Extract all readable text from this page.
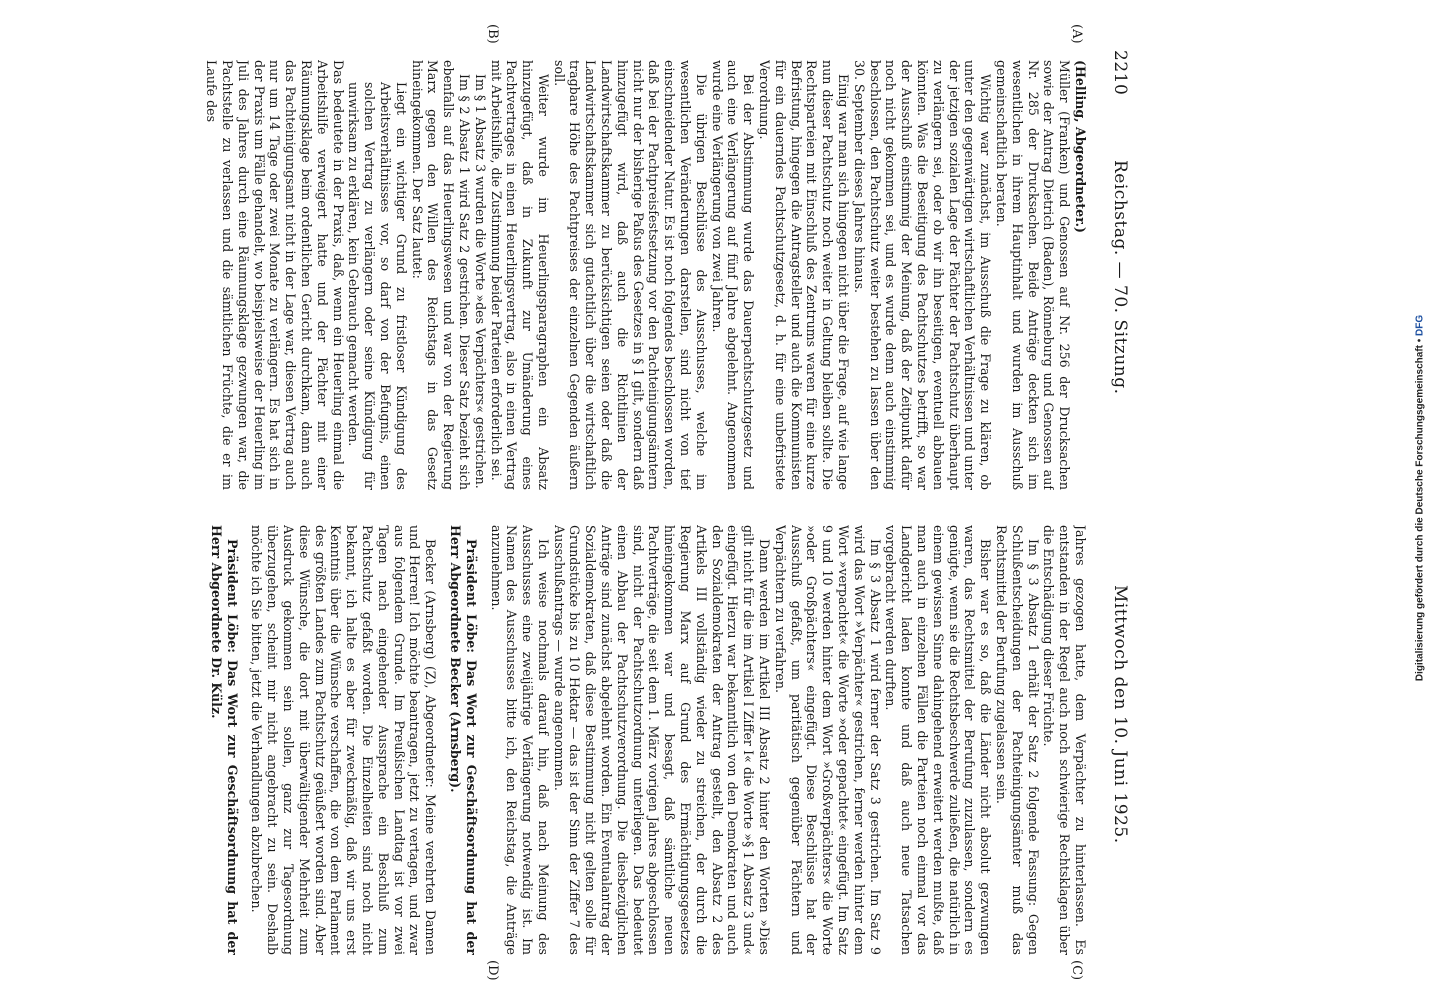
2210
Reichstag. — 70. Sitzung.
Mittwoch den 10. Juni 1925.
(A)
(B)
(C)
(D)

(Helling, Abgeordneter.)

Müller (Franken) und Genossen auf Nr. 256 der Drucksachen sowie der Antrag Dietrich (Baden), Rönneburg und Genossen auf Nr. 285 der Drucksachen. Beide Anträge deckten sich im wesentlichen in ihrem Hauptinhalt und wurden im Ausschuß gemeinschaftlich beraten.

Wichtig war zunächst, im Ausschuß die Frage zu klären, ob unter den gegenwärtigen wirtschaftlichen Verhältnissen und unter der jetzigen sozialen Lage der Pächter der Pachtschutz überhaupt zu verlängern sei, oder ob wir ihn beseitigen, eventuell abbauen könnten. Was die Beseitigung des Pachtschutzes betrifft, so war der Ausschuß einstimmig der Meinung, daß der Zeitpunkt dafür noch nicht gekommen sei, und es wurde denn auch einstimmig beschlossen, den Pachtschutz weiter bestehen zu lassen über den 30. September dieses Jahres hinaus.

Einig war man sich hingegen nicht über die Frage, auf wie lange nun dieser Pachtschutz noch weiter in Geltung bleiben sollte. Die Rechtsparteien mit Einschluß des Zentrums waren für eine kurze Befristung, hingegen die Antragsteller und auch die Kommunisten für ein dauerndes Pachtschutzgesetz, d. h. für eine unbefristete Verordnung.

Bei der Abstimmung wurde das Dauerpachtschutzgesetz und auch eine Verlängerung auf fünf Jahre abgelehnt. Angenommen wurde eine Verlängerung von zwei Jahren.

Die übrigen Beschlüsse des Ausschusses, welche im wesentlichen Veränderungen darstellen, sind nicht von tief einschneidender Natur. Es ist noch folgendes beschlossen worden, daß bei der Pachtpreisfestsetzung vor den Pachteinigungsämtern nicht nur der bisherige Paßus des Gesetzes in § 1 gilt, sondern daß hinzugefügt wird, daß auch die Richtlinien der Landwirtschaftskammer zu berücksichtigen seien oder daß die Landwirtschaftskammer sich gutachtlich über die wirtschaftlich tragbare Höhe des Pachtpreises der einzelnen Gegenden äußern soll.

Weiter wurde im Heuerlingsparagraphen ein Absatz hinzugefügt, daß in Zukunft zur Umänderung eines Pachtvertrages in einen Heuerlingsvertrag, also in einen Vertrag mit Arbeitshilfe, die Zustimmung beider Parteien erforderlich sei.

Im § 1 Absatz 3 wurden die Worte »des Verpächters« gestrichen.

Im § 2 Absatz 1 wird Satz 2 gestrichen. Dieser Satz bezieht sich ebenfalls auf das Heuerlingswesen und war von der Regierung Marx gegen den Willen des Reichstags in das Gesetz hineingekommen. Der Satz lautet:

Liegt ein wichtiger Grund zu fristloser Kündigung des Arbeitsverhältnisses vor, so darf von der Befugnis, einen solchen Vertrag zu verlängern oder seine Kündigung für unwirksam zu erklären, kein Gebrauch gemacht werden.

Das bedeutete in der Praxis, daß, wenn ein Heuerling einmal die Arbeitshilfe verweigert hatte und der Pächter mit einer Räumungsklage beim ordentlichen Gericht durchkam, dann auch das Pachteinigungsamt nicht in der Lage war, diesen Vertrag auch nur um 14 Tage oder zwei Monate zu verlängern. Es hat sich in der Praxis um Fälle gehandelt, wo beispielsweise der Heuerling im Juli des Jahres durch eine Räumungsklage gezwungen war, die Pachtstelle zu verlassen und die sämtlichen Früchte, die er im Laufe des

Jahres gezogen hatte, dem Verpächter zu hinterlassen. Es entstanden in der Regel auch noch schwierige Rechtsklagen über die Entschädigung dieser Früchte.

Im § 3 Absatz 1 erhält der Satz 2 folgende Fassung: Gegen Schlußentscheidungen der Pachteinigungsämter muß das Rechtsmittel der Berufung zugelassen sein.

Bisher war es so, daß die Länder nicht absolut gezwungen waren, das Rechtsmittel der Berufung zuzulassen, sondern es genügte, wenn sie die Rechtsbeschwerde zuließen, die natürlich in einem gewissen Sinne dahingehend erweitert werden mußte, daß man auch in einzelnen Fällen die Parteien noch einmal vor das Landgericht laden konnte und daß auch neue Tatsachen vorgebracht werden durften.

Im § 3 Absatz 1 wird ferner der Satz 3 gestrichen. Im Satz 9 wird das Wort »Verpächter« gestrichen, ferner werden hinter dem Wort »verpachtet« die Worte »oder gepachtet« eingefügt. Im Satz 9 und 10 werden hinter dem Wort »Großverpächters« die Worte »oder Großpächters« eingefügt. Diese Beschlüsse hat der Ausschuß gefaßt, um paritätisch gegenüber Pächtern und Verpächtern zu verfahren.

Dann werden im Artikel III Absatz 2 hinter den Worten »Dies gilt nicht für die im Artikel I Ziffer I« die Worte »§ 1 Absatz 3 und« eingefügt. Hierzu war bekanntlich von den Demokraten und auch den Sozialdemokraten der Antrag gestellt, den Absatz 2 des Artikels III vollständig wieder zu streichen, der durch die Regierung Marx auf Grund des Ermächtigungsgesetzes hineingekommen war und besagt, daß sämtliche neuen Pachtverträge, die seit dem 1. März vorigen Jahres abgeschlossen sind, nicht der Pachtschutzordnung unterliegen. Das bedeutet einen Abbau der Pachtschutzverordnung. Die diesbezüglichen Anträge sind zunächst abgelehnt worden. Ein Eventualantrag der Sozialdemokraten, daß diese Bestimmung nicht gelten solle für Grundstücke bis zu 10 Hektar — das ist der Sinn der Ziffer 7 des Ausschußantrags — wurde angenommen.

Ich weise nochmals darauf hin, daß nach Meinung des Ausschusses eine zweijährige Verlängerung notwendig ist. Im Namen des Ausschusses bitte ich, den Reichstag, die Anträge anzunehmen.

Präsident Löbe: Das Wort zur Geschäftsordnung hat der Herr Abgeordnete Becker (Arnsberg).

Becker (Arnsberg) (Z), Abgeordneter: Meine verehrten Damen und Herren! Ich möchte beantragen, jetzt zu vertagen, und zwar aus folgendem Grunde. Im Preußischen Landtag ist vor zwei Tagen nach eingehender Aussprache ein Beschluß zum Pachtschutz gefaßt worden. Die Einzelheiten sind noch nicht bekannt, ich halte es aber für zweckmäßig, daß wir uns erst Kenntnis über die Wünsche verschaffen, die von dem Parlament des größten Landes zum Pachtschutz geäußert worden sind. Aber diese Wünsche, die dort mit überwältigender Mehrheit zum Ausdruck gekommen sein sollen, ganz zur Tagesordnung überzugehen, scheint mir nicht angebracht zu sein. Deshalb möchte ich Sie bitten, jetzt die Verhandlungen abzubrechen.

Präsident Löbe: Das Wort zur Geschäftsordnung hat der Herr Abgeordnete Dr. Külz.	Digitalisierung gefördert durch die Deutsche Forschungsgemeinschaft • DFG
